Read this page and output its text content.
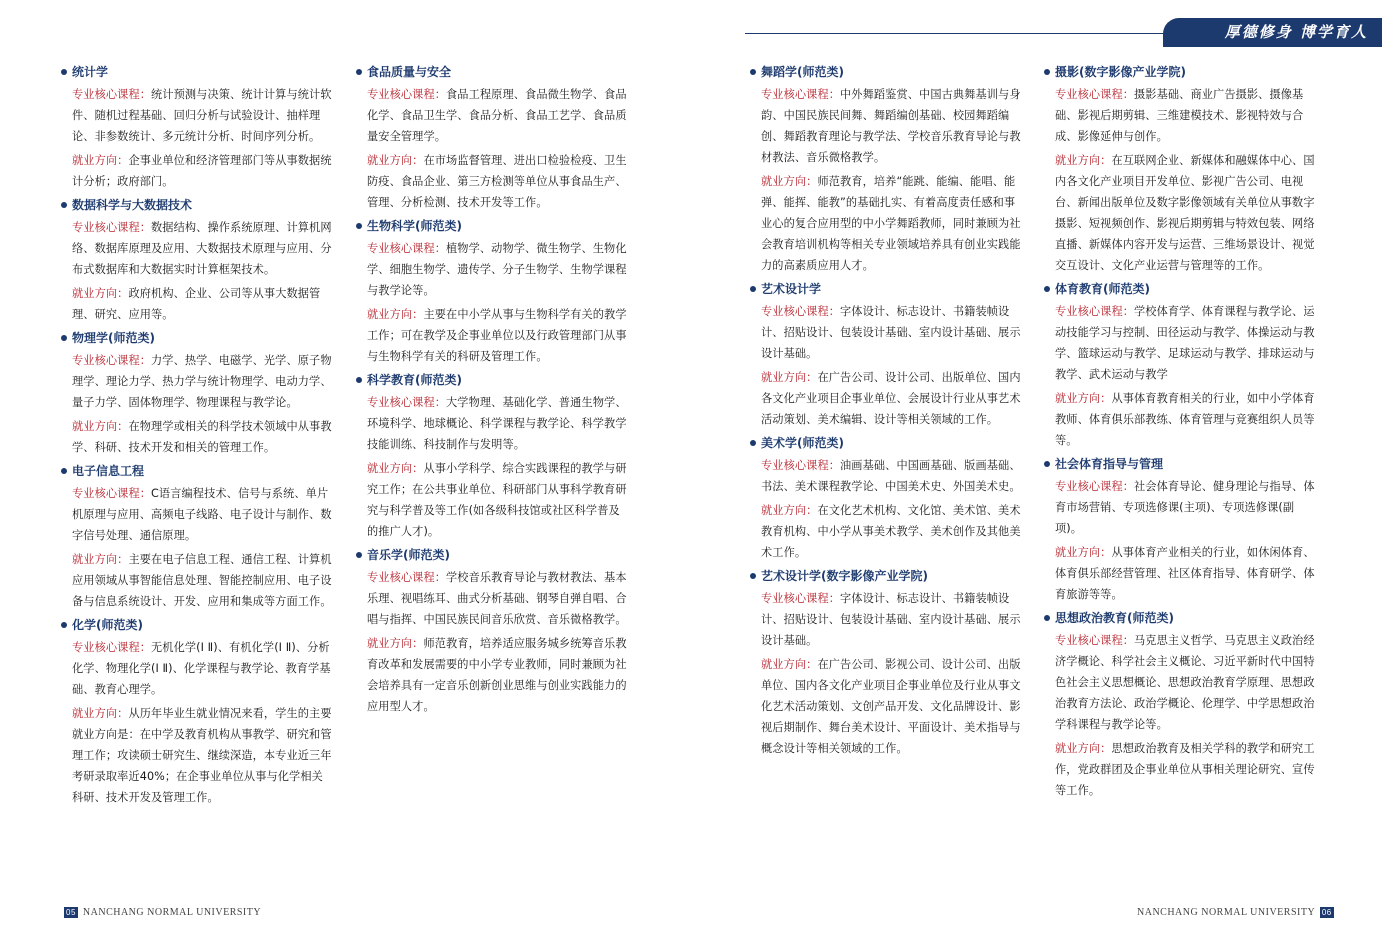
厚德修身 博学育人
统计学
专业核心课程：统计预测与决策、统计计算与统计软件、随机过程基础、回归分析与试验设计、抽样理论、非参数统计、多元统计分析、时间序列分析。
就业方向：企事业单位和经济管理部门等从事数据统计分析；政府部门。
数据科学与大数据技术
专业核心课程：数据结构、操作系统原理、计算机网络、数据库原理及应用、大数据技术原理与应用、分布式数据库和大数据实时计算框架技术。
就业方向：政府机构、企业、公司等从事大数据管理、研究、应用等。
物理学(师范类)
专业核心课程：力学、热学、电磁学、光学、原子物理学、理论力学、热力学与统计物理学、电动力学、量子力学、固体物理学、物理课程与教学论。
就业方向：在物理学或相关的科学技术领域中从事教学、科研、技术开发和相关的管理工作。
电子信息工程
专业核心课程：C语言编程技术、信号与系统、单片机原理与应用、高频电子线路、电子设计与制作、数字信号处理、通信原理。
就业方向：主要在电子信息工程、通信工程、计算机应用领域从事智能信息处理、智能控制应用、电子设备与信息系统设计、开发、应用和集成等方面工作。
化学(师范类)
专业核心课程：无机化学(Ⅰ Ⅱ)、有机化学(Ⅰ Ⅱ)、分析化学、物理化学(Ⅰ Ⅱ)、化学课程与教学论、教育学基础、教育心理学。
就业方向：从历年毕业生就业情况来看，学生的主要就业方向是：在中学及教育机构从事教学、研究和管理工作；攻读硕士研究生、继续深造，本专业近三年考研录取率近40%；在企事业单位从事与化学相关科研、技术开发及管理工作。
食品质量与安全
专业核心课程：食品工程原理、食品微生物学、食品化学、食品卫生学、食品分析、食品工艺学、食品质量安全管理学。
就业方向：在市场监督管理、进出口检验检疫、卫生防疫、食品企业、第三方检测等单位从事食品生产、管理、分析检测、技术开发等工作。
生物科学(师范类)
专业核心课程：植物学、动物学、微生物学、生物化学、细胞生物学、遗传学、分子生物学、生物学课程与教学论等。
就业方向：主要在中小学从事与生物科学有关的教学工作；可在教学及企事业单位以及行政管理部门从事与生物科学有关的科研及管理工作。
科学教育(师范类)
专业核心课程：大学物理、基础化学、普通生物学、环境科学、地球概论、科学课程与教学论、科学教学技能训练、科技制作与发明等。
就业方向：从事小学科学、综合实践课程的教学与研究工作；在公共事业单位、科研部门从事科学教育研究与科学普及等工作(如各级科技馆或社区科学普及的推广人才)。
音乐学(师范类)
专业核心课程：学校音乐教育导论与教材教法、基本乐理、视唱练耳、曲式分析基础、钢琴自弹自唱、合唱与指挥、中国民族民间音乐欣赏、音乐微格教学。
就业方向：师范教育，培养适应服务城乡统筹音乐教育改革和发展需要的中小学专业教师，同时兼顾为社会培养具有一定音乐创新创业思维与创业实践能力的应用型人才。
舞蹈学(师范类)
专业核心课程：中外舞蹈鉴赏、中国古典舞基训与身韵、中国民族民间舞、舞蹈编创基础、校园舞蹈编创、舞蹈教育理论与教学法、学校音乐教育导论与教材教法、音乐微格教学。
就业方向：师范教育，培养“能跳、能编、能唱、能弹、能挥、能教”的基础扎实、有着高度责任感和事业心的复合应用型的中小学舞蹈教师，同时兼顾为社会教育培训机构等相关专业领域培养具有创业实践能力的高素质应用人才。
艺术设计学
专业核心课程：字体设计、标志设计、书籍装帧设计、招贴设计、包装设计基础、室内设计基础、展示设计基础。
就业方向：在广告公司、设计公司、出版单位、国内各文化产业项目企事业单位、会展设计行业从事艺术活动策划、美术编辑、设计等相关领域的工作。
美术学(师范类)
专业核心课程：油画基础、中国画基础、版画基础、书法、美术课程教学论、中国美术史、外国美术史。
就业方向：在文化艺术机构、文化馆、美术馆、美术教育机构、中小学从事美术教学、美术创作及其他美术工作。
艺术设计学(数字影像产业学院)
专业核心课程：字体设计、标志设计、书籍装帧设计、招贴设计、包装设计基础、室内设计基础、展示设计基础。
就业方向：在广告公司、影视公司、设计公司、出版单位、国内各文化产业项目企事业单位及行业从事文化艺术活动策划、文创产品开发、文化品牌设计、影视后期制作、舞台美术设计、平面设计、美术指导与概念设计等相关领域的工作。
摄影(数字影像产业学院)
专业核心课程：摄影基础、商业广告摄影、摄像基础、影视后期剪辑、三维建模技术、影视特效与合成、影像延伸与创作。
就业方向：在互联网企业、新媒体和融媒体中心、国内各文化产业项目开发单位、影视广告公司、电视台、新闻出版单位及数字影像领域有关单位从事数字摄影、短视频创作、影视后期剪辑与特效包装、网络直播、新媒体内容开发与运营、三维场景设计、视觉交互设计、文化产业运营与管理等的工作。
体育教育(师范类)
专业核心课程：学校体育学、体育课程与教学论、运动技能学习与控制、田径运动与教学、体操运动与教学、篮球运动与教学、足球运动与教学、排球运动与教学、武术运动与教学
就业方向：从事体育教育相关的行业，如中小学体育教师、体育俱乐部教练、体育管理与竞赛组织人员等等。
社会体育指导与管理
专业核心课程：社会体育导论、健身理论与指导、体育市场营销、专项选修课(主项)、专项选修课(副项)。
就业方向：从事体育产业相关的行业，如休闲体育、体育俱乐部经营管理、社区体育指导、体育研学、体育旅游等等。
思想政治教育(师范类)
专业核心课程：马克思主义哲学、马克思主义政治经济学概论、科学社会主义概论、习近平新时代中国特色社会主义思想概论、思想政治教育学原理、思想政治教育方法论、政治学概论、伦理学、中学思想政治学科课程与教学论等。
就业方向：思想政治教育及相关学科的教学和研究工作，党政群团及企事业单位从事相关理论研究、宣传等工作。
05 NANCHANG NORMAL UNIVERSITY	NANCHANG NORMAL UNIVERSITY 06
